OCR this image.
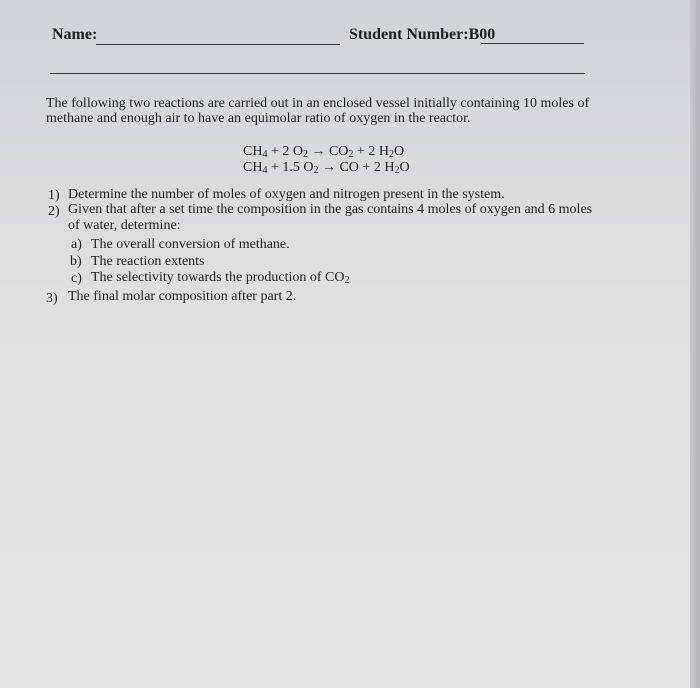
Name:	Student Number:B00
The following two reactions are carried out in an enclosed vessel initially containing 10 moles of
methane and enough air to have an equimolar ratio of oxygen in the reactor.
$CH_4 + 2$ $O_2 \to CO_2 + 2$ $H_2O$
$CH_4 + 1.5$ $O_2$ → CO + 2 $H_2O$
1) Determine the number of moles of oxygen and nitrogen present in the system.
2) Given that after a set time the composition in the gas contains 4 moles of oxygen and 6 moles
of water, determine:
a) The overall conversion of methane.
b) The reaction extents
c) The selectivity towards the production of $CO_2$
3) The final molar composition after part 2.
